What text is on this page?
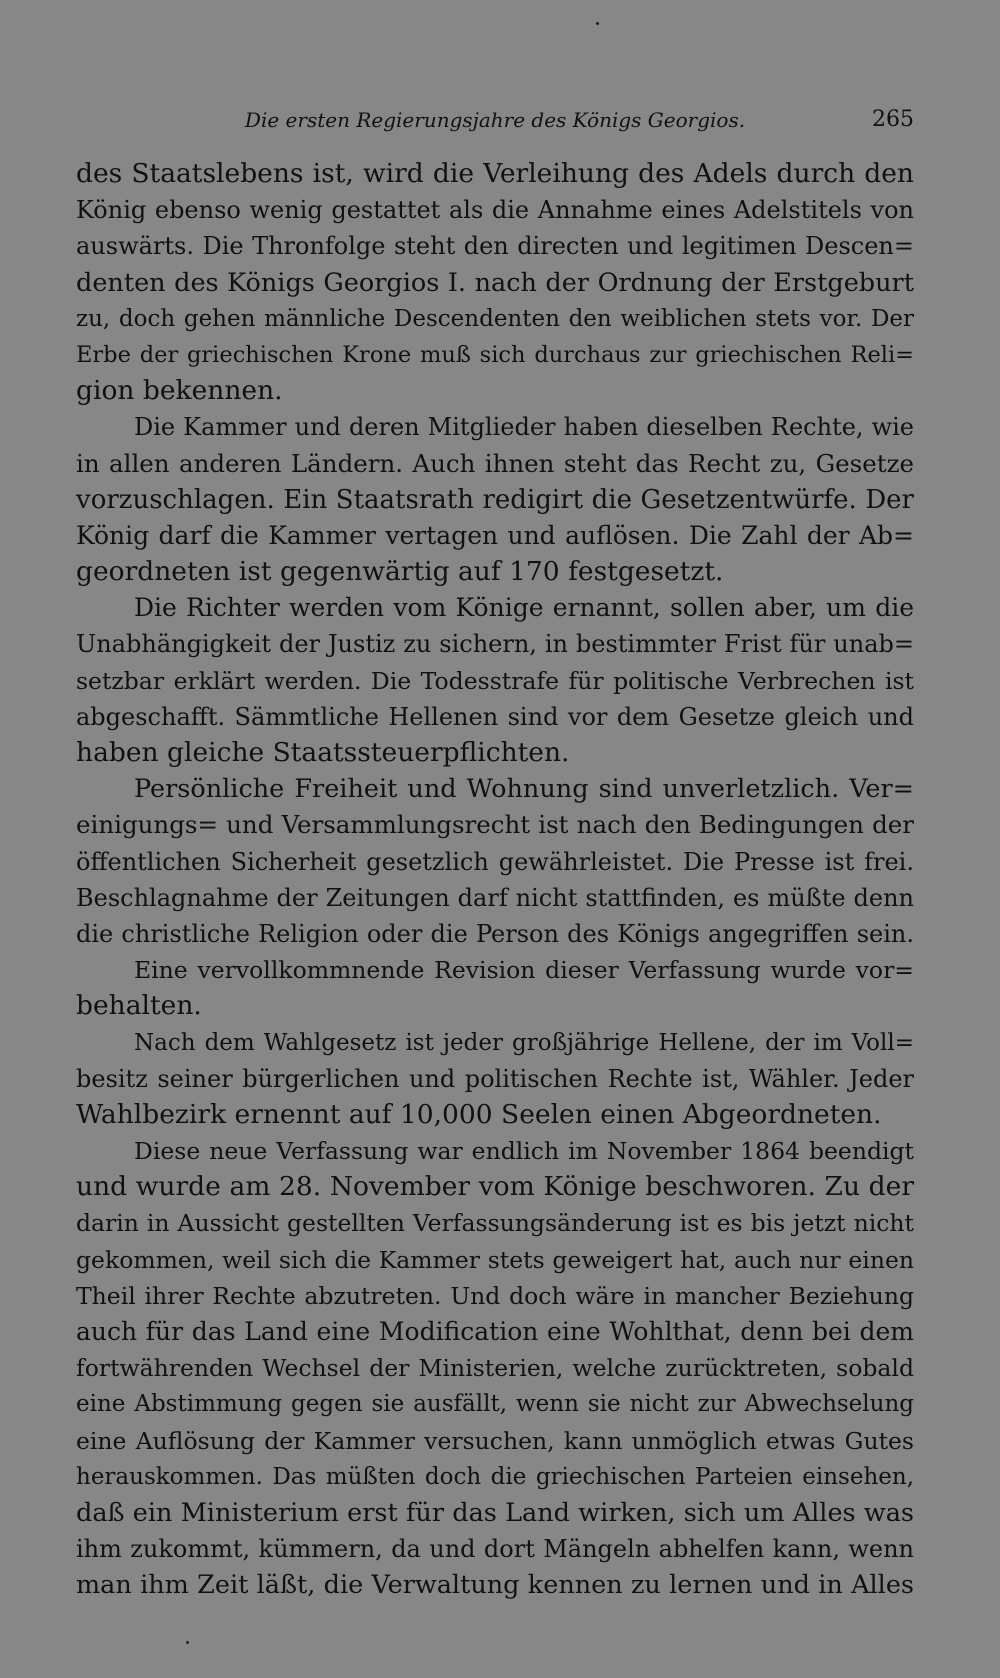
Die ersten Regierungsjahre des Königs Georgios.	265
des Staatslebens ist, wird die Verleihung des Adels durch den
König ebenso wenig gestattet als die Annahme eines Adelstitels von
auswärts. Die Thronfolge steht den directen und legitimen Descen=
denten des Königs Georgios I. nach der Ordnung der Erstgeburt
zu, doch gehen männliche Descendenten den weiblichen stets vor. Der
Erbe der griechischen Krone muß sich durchaus zur griechischen Reli=
gion bekennen.
Die Kammer und deren Mitglieder haben dieselben Rechte, wie
in allen anderen Ländern. Auch ihnen steht das Recht zu, Gesetze
vorzuschlagen. Ein Staatsrath redigirt die Gesetzentwürfe. Der
König darf die Kammer vertagen und auflösen. Die Zahl der Ab=
geordneten ist gegenwärtig auf 170 festgesetzt.
Die Richter werden vom Könige ernannt, sollen aber, um die
Unabhängigkeit der Justiz zu sichern, in bestimmter Frist für unab=
setzbar erklärt werden. Die Todesstrafe für politische Verbrechen ist
abgeschafft. Sämmtliche Hellenen sind vor dem Gesetze gleich und
haben gleiche Staatssteuerpflichten.
Persönliche Freiheit und Wohnung sind unverletzlich. Ver=
einigungs= und Versammlungsrecht ist nach den Bedingungen der
öffentlichen Sicherheit gesetzlich gewährleistet. Die Presse ist frei.
Beschlagnahme der Zeitungen darf nicht stattfinden, es müßte denn
die christliche Religion oder die Person des Königs angegriffen sein.
Eine vervollkommnende Revision dieser Verfassung wurde vor=
behalten.
Nach dem Wahlgesetz ist jeder großjährige Hellene, der im Voll=
besitz seiner bürgerlichen und politischen Rechte ist, Wähler. Jeder
Wahlbezirk ernennt auf 10,000 Seelen einen Abgeordneten.
Diese neue Verfassung war endlich im November 1864 beendigt
und wurde am 28. November vom Könige beschworen. Zu der
darin in Aussicht gestellten Verfassungsänderung ist es bis jetzt nicht
gekommen, weil sich die Kammer stets geweigert hat, auch nur einen
Theil ihrer Rechte abzutreten. Und doch wäre in mancher Beziehung
auch für das Land eine Modification eine Wohlthat, denn bei dem
fortwährenden Wechsel der Ministerien, welche zurücktreten, sobald
eine Abstimmung gegen sie ausfällt, wenn sie nicht zur Abwechselung
eine Auflösung der Kammer versuchen, kann unmöglich etwas Gutes
herauskommen. Das müßten doch die griechischen Parteien einsehen,
daß ein Ministerium erst für das Land wirken, sich um Alles was
ihm zukommt, kümmern, da und dort Mängeln abhelfen kann, wenn
man ihm Zeit läßt, die Verwaltung kennen zu lernen und in Alles
